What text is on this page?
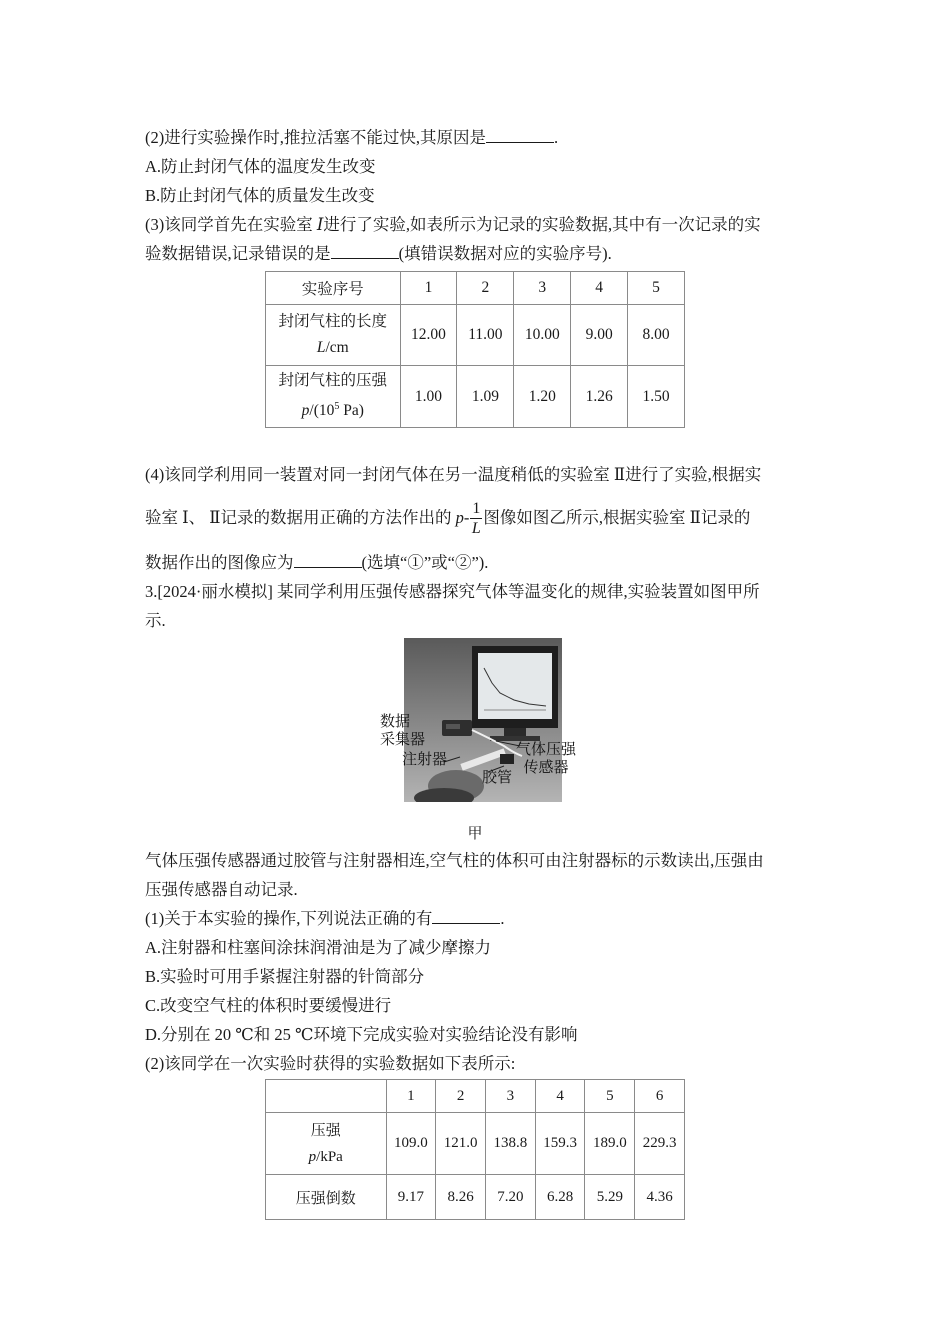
(2)进行实验操作时,推拉活塞不能过快,其原因是	.
A.防止封闭气体的温度发生改变
B.防止封闭气体的质量发生改变
(3)该同学首先在实验室 Ⅰ进行了实验,如表所示为记录的实验数据,其中有一次记录的实
验数据错误,记录错误的是	(填错误数据对应的实验序号).
实验序号	1	2	3	4	5

封闭气柱的长度
L/cm	12.00	11.00	10.00	9.00	8.00

封闭气柱的压强
$p/(10^5$ Pa)	1.00	1.09	1.20	1.26	1.50
(4)该同学利用同一装置对同一封闭气体在另一温度稍低的实验室 Ⅱ进行了实验,根据实
验室 Ⅰ、 Ⅱ记录的数据用正确的方法作出的 $p- \frac{1}{L}$ 图像如图乙所示,根据实验室 Ⅱ记录的
数据作出的图像应为	(选填“①”或“②”).
3.[2024·丽水模拟] 某同学利用压强传感器探究气体等温变化的规律,实验装置如图甲所
示.
数据
采集器
注射器
气体压强
传感器
胶管
甲
气体压强传感器通过胶管与注射器相连,空气柱的体积可由注射器标的示数读出,压强由
压强传感器自动记录.
(1)关于本实验的操作,下列说法正确的有	.
A.注射器和柱塞间涂抹润滑油是为了减少摩擦力
B.实验时可用手紧握注射器的针筒部分
C.改变空气柱的体积时要缓慢进行
D.分别在 20 ℃和 25 ℃环境下完成实验对实验结论没有影响
(2)该同学在一次实验时获得的实验数据如下表所示:
	1	2	3	4	5	6

压强
p/kPa	109.0	121.0	138.8	159.3	189.0	229.3
压强倒数	9.17	8.26	7.20	6.28	5.29	4.36
